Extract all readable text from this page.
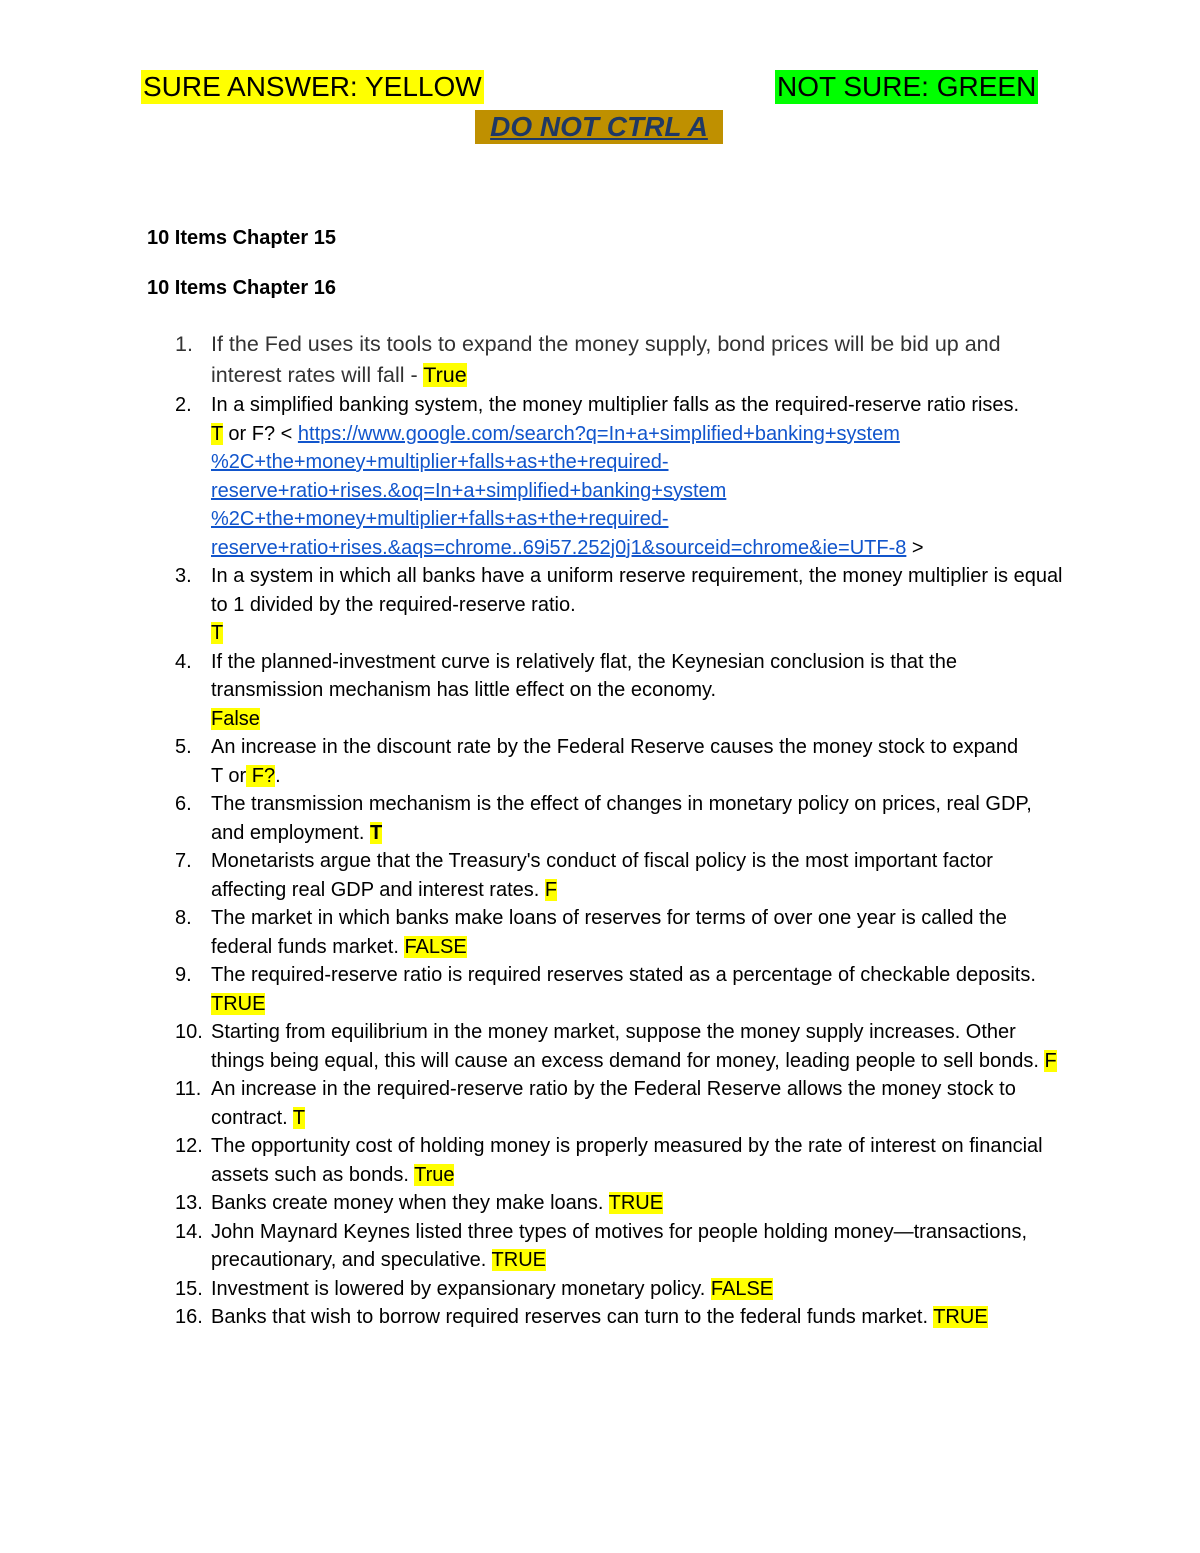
SURE ANSWER: YELLOW	NOT SURE: GREEN
DO NOT CTRL A
10 Items Chapter 15
10 Items Chapter 16
1. If the Fed uses its tools to expand the money supply, bond prices will be bid up and interest rates will fall - True
2. In a simplified banking system, the money multiplier falls as the required-reserve ratio rises.
T or F? < https://www.google.com/search?q=In+a+simplified+banking+system
%2C+the+money+multiplier+falls+as+the+required-
reserve+ratio+rises.&oq=In+a+simplified+banking+system
%2C+the+money+multiplier+falls+as+the+required-
reserve+ratio+rises.&aqs=chrome..69i57.252j0j1&sourceid=chrome&ie=UTF-8 >
3. In a system in which all banks have a uniform reserve requirement, the money multiplier is equal to 1 divided by the required-reserve ratio.
T
4. If the planned-investment curve is relatively flat, the Keynesian conclusion is that the transmission mechanism has little effect on the economy.
False
5. An increase in the discount rate by the Federal Reserve causes the money stock to expand
T or F?.
6. The transmission mechanism is the effect of changes in monetary policy on prices, real GDP, and employment. T
7. Monetarists argue that the Treasury's conduct of fiscal policy is the most important factor affecting real GDP and interest rates. F
8. The market in which banks make loans of reserves for terms of over one year is called the federal funds market. FALSE
9. The required-reserve ratio is required reserves stated as a percentage of checkable deposits. TRUE
10. Starting from equilibrium in the money market, suppose the money supply increases. Other things being equal, this will cause an excess demand for money, leading people to sell bonds. F
11. An increase in the required-reserve ratio by the Federal Reserve allows the money stock to contract. T
12. The opportunity cost of holding money is properly measured by the rate of interest on financial assets such as bonds. True
13. Banks create money when they make loans. TRUE
14. John Maynard Keynes listed three types of motives for people holding money—transactions, precautionary, and speculative. TRUE
15. Investment is lowered by expansionary monetary policy. FALSE
16. Banks that wish to borrow required reserves can turn to the federal funds market. TRUE
